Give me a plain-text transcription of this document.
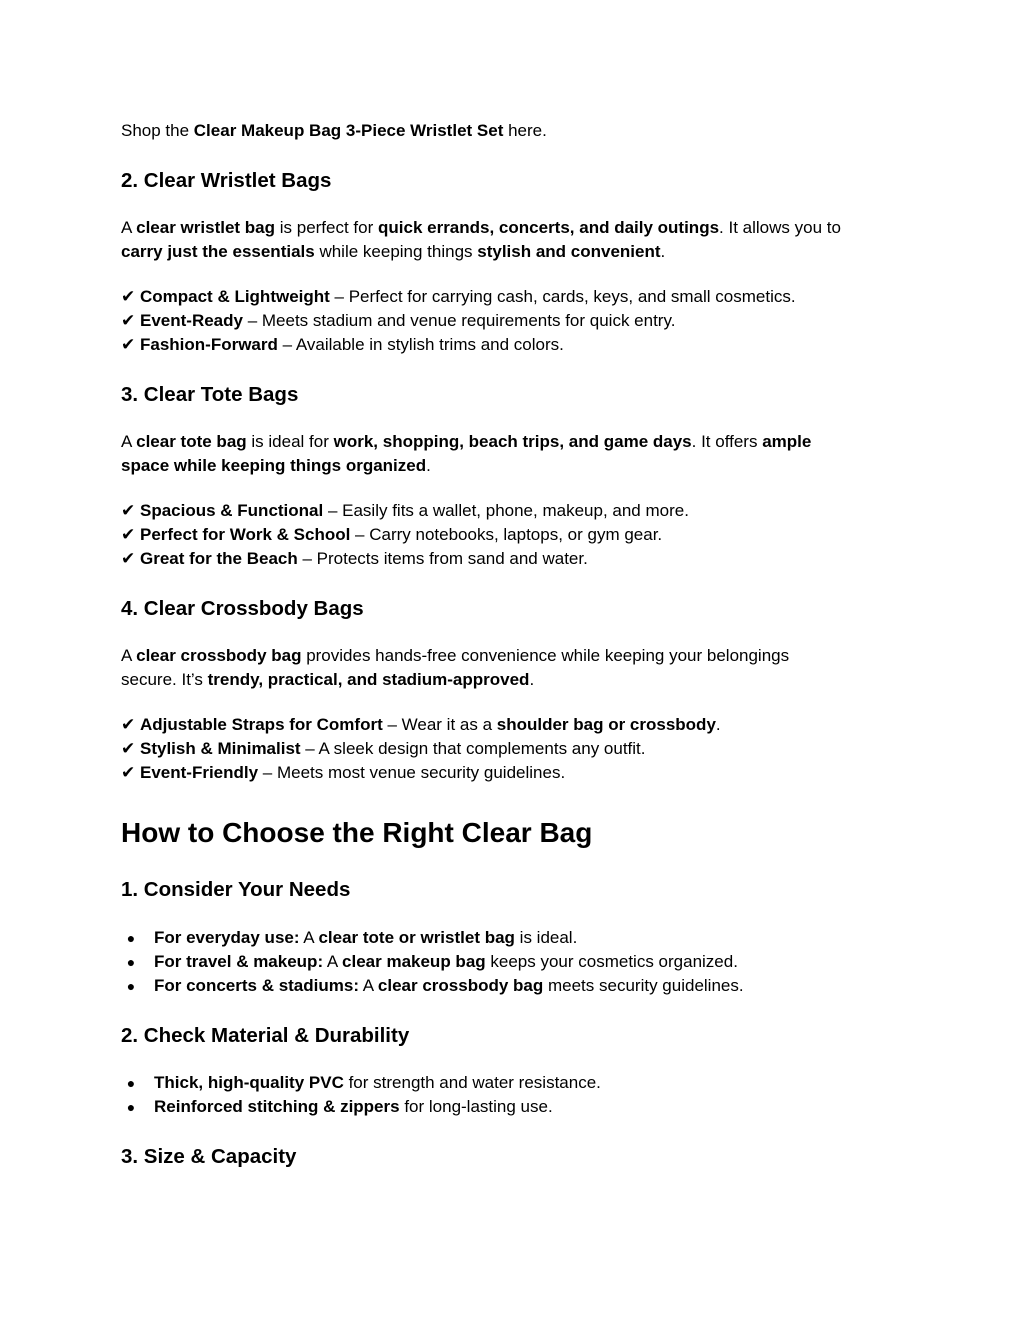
Shop the Clear Makeup Bag 3-Piece Wristlet Set here.
2. Clear Wristlet Bags
A clear wristlet bag is perfect for quick errands, concerts, and daily outings. It allows you to
carry just the essentials while keeping things stylish and convenient.
✔ Compact & Lightweight – Perfect for carrying cash, cards, keys, and small cosmetics.
✔ Event-Ready – Meets stadium and venue requirements for quick entry.
✔ Fashion-Forward – Available in stylish trims and colors.
3. Clear Tote Bags
A clear tote bag is ideal for work, shopping, beach trips, and game days. It offers ample
space while keeping things organized.
✔ Spacious & Functional – Easily fits a wallet, phone, makeup, and more.
✔ Perfect for Work & School – Carry notebooks, laptops, or gym gear.
✔ Great for the Beach – Protects items from sand and water.
4. Clear Crossbody Bags
A clear crossbody bag provides hands-free convenience while keeping your belongings
secure. It’s trendy, practical, and stadium-approved.
✔ Adjustable Straps for Comfort – Wear it as a shoulder bag or crossbody.
✔ Stylish & Minimalist – A sleek design that complements any outfit.
✔ Event-Friendly – Meets most venue security guidelines.
How to Choose the Right Clear Bag
1. Consider Your Needs
●	For everyday use: A clear tote or wristlet bag is ideal.
●	For travel & makeup: A clear makeup bag keeps your cosmetics organized.
●	For concerts & stadiums: A clear crossbody bag meets security guidelines.
2. Check Material & Durability
●	Thick, high-quality PVC for strength and water resistance.
●	Reinforced stitching & zippers for long-lasting use.
3. Size & Capacity
